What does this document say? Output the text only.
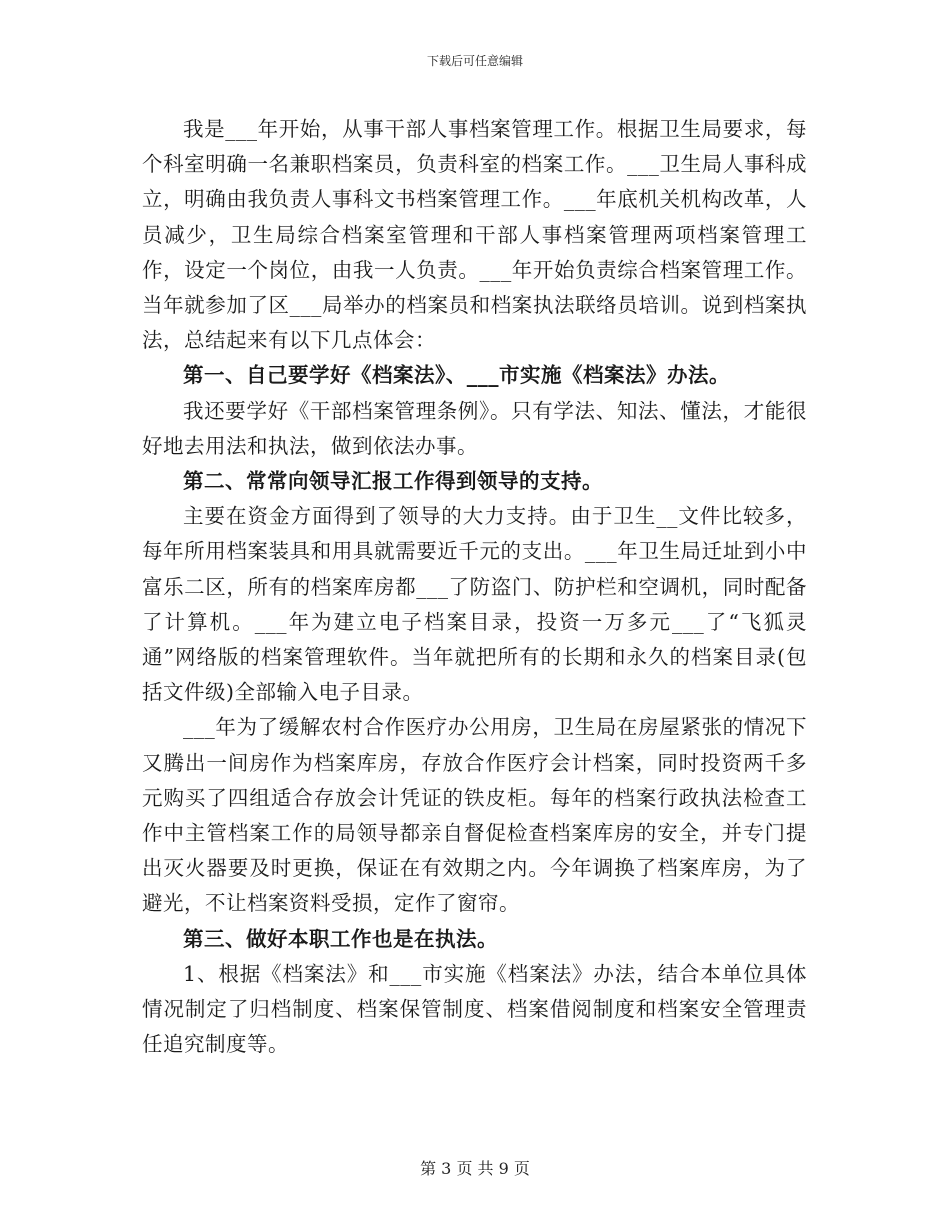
下载后可任意编辑

我是___年开始，从事干部人事档案管理工作。根据卫生局要求，每个科室明确一名兼职档案员，负责科室的档案工作。___卫生局人事科成立，明确由我负责人事科文书档案管理工作。___年底机关机构改革，人员减少，卫生局综合档案室管理和干部人事档案管理两项档案管理工作，设定一个岗位，由我一人负责。___年开始负责综合档案管理工作。当年就参加了区___局举办的档案员和档案执法联络员培训。说到档案执法，总结起来有以下几点体会：

第一、自己要学好《档案法》、___市实施《档案法》办法。

我还要学好《干部档案管理条例》。只有学法、知法、懂法，才能很好地去用法和执法，做到依法办事。

第二、常常向领导汇报工作得到领导的支持。

主要在资金方面得到了领导的大力支持。由于卫生__文件比较多，每年所用档案装具和用具就需要近千元的支出。___年卫生局迁址到小中富乐二区，所有的档案库房都___了防盗门、防护栏和空调机，同时配备了计算机。___年为建立电子档案目录，投资一万多元___了“飞狐灵通”网络版的档案管理软件。当年就把所有的长期和永久的档案目录(包括文件级)全部输入电子目录。

___年为了缓解农村合作医疗办公用房，卫生局在房屋紧张的情况下又腾出一间房作为档案库房，存放合作医疗会计档案，同时投资两千多元购买了四组适合存放会计凭证的铁皮柜。每年的档案行政执法检查工作中主管档案工作的局领导都亲自督促检查档案库房的安全，并专门提出灭火器要及时更换，保证在有效期之内。今年调换了档案库房，为了避光，不让档案资料受损，定作了窗帘。

第三、做好本职工作也是在执法。

1、根据《档案法》和___市实施《档案法》办法，结合本单位具体情况制定了归档制度、档案保管制度、档案借阅制度和档案安全管理责任追究制度等。

第 3 页 共 9 页
